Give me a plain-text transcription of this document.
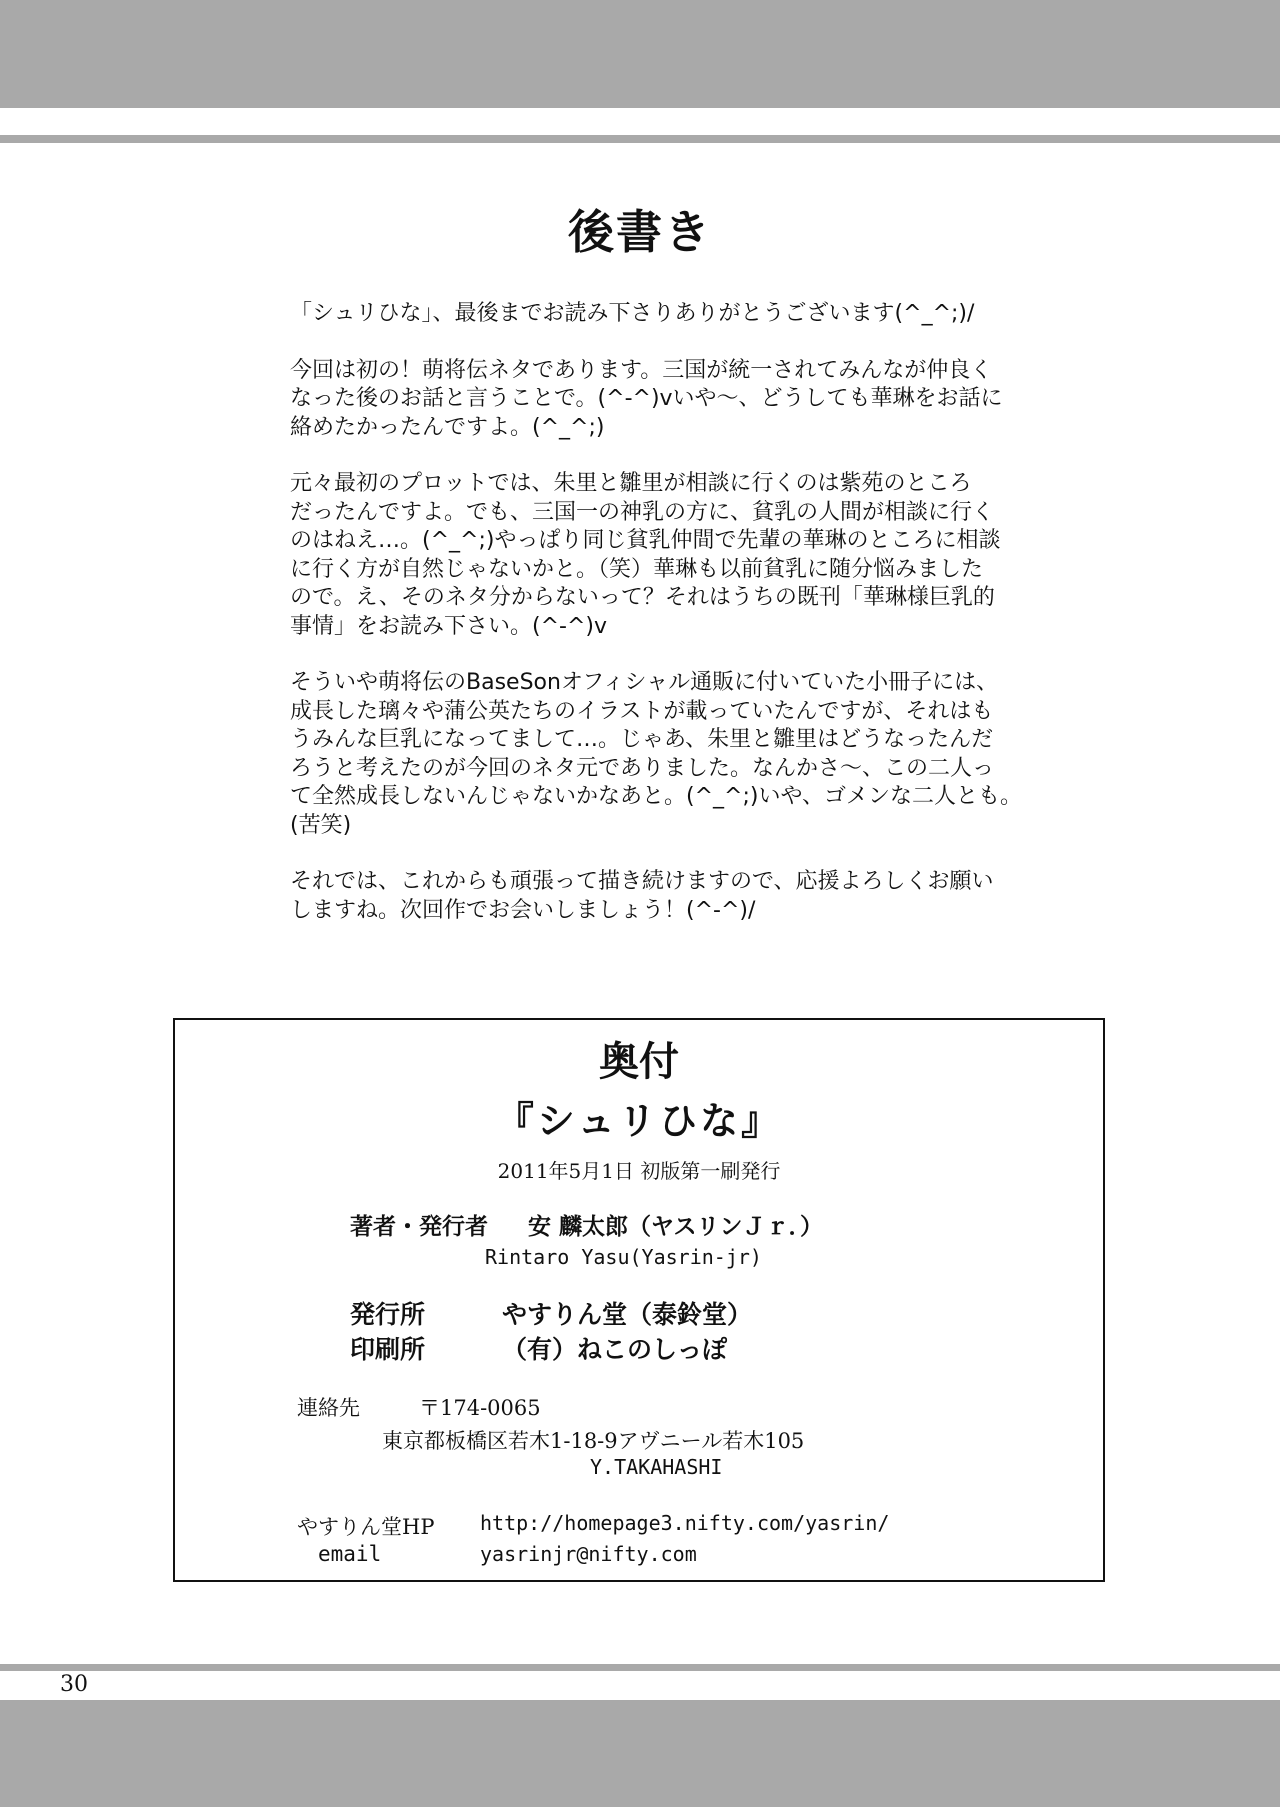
後書き

「シュリひな」、最後までお読み下さりありがとうございます(^_^;)/

今回は初の！萌将伝ネタであります。三国が統一されてみんなが仲良く
なった後のお話と言うことで。(^-^)vいや〜、どうしても華琳をお話に
絡めたかったんですよ。(^_^;)

元々最初のプロットでは、朱里と雛里が相談に行くのは紫苑のところ
だったんですよ。でも、三国一の神乳の方に、貧乳の人間が相談に行く
のはねえ…。(^_^;)やっぱり同じ貧乳仲間で先輩の華琳のところに相談
に行く方が自然じゃないかと。（笑）華琳も以前貧乳に随分悩みました
ので。え、そのネタ分からないって？それはうちの既刊「華琳様巨乳的
事情」をお読み下さい。(^-^)v

そういや萌将伝のBaseSonオフィシャル通販に付いていた小冊子には、
成長した璃々や蒲公英たちのイラストが載っていたんですが、それはも
うみんな巨乳になってまして…。じゃあ、朱里と雛里はどうなったんだ
ろうと考えたのが今回のネタ元でありました。なんかさ〜、この二人っ
て全然成長しないんじゃないかなあと。(^_^;)いや、ゴメンな二人とも。
(苦笑)

それでは、これからも頑張って描き続けますので、応援よろしくお願い
しますね。次回作でお会いしましょう！(^-^)/

奥付
『シュリひな』
2011年5月1日 初版第一刷発行
著者・発行者 安 麟太郎（ヤスリンＪｒ．）
Rintaro Yasu(Yasrin-jr)
発行所	やすりん堂（泰鈴堂）
印刷所	（有）ねこのしっぽ
連絡先	〒174-0065
東京都板橋区若木1-18-9アヴニール若木105
Y.TAKAHASHI
やすりん堂HP http://homepage3.nifty.com/yasrin/
email	yasrinjr@nifty.com
30
